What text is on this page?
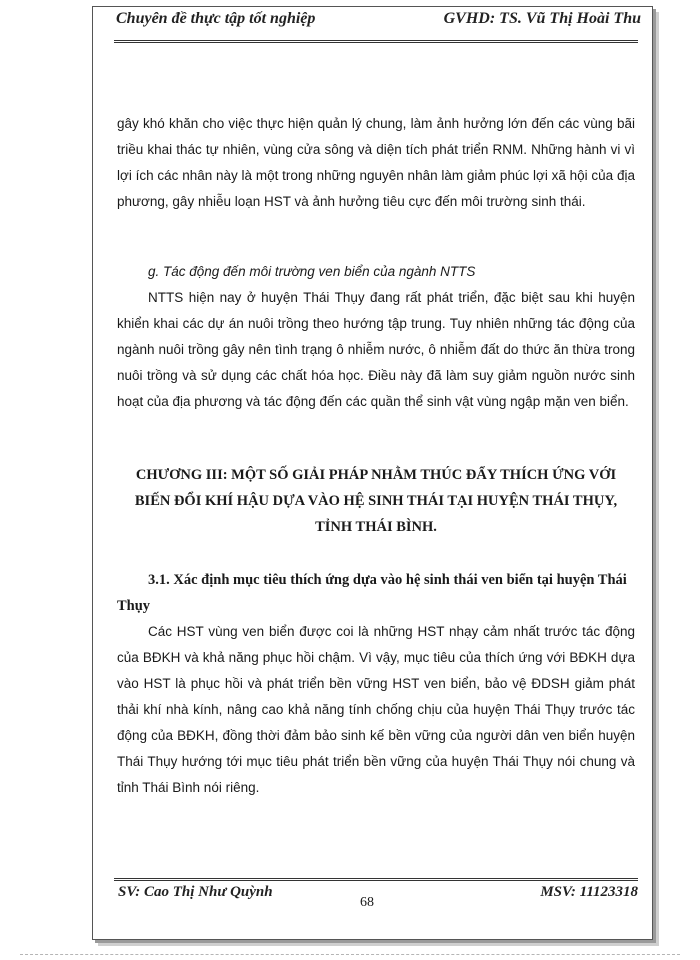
Chuyên đề thực tập tốt nghiệp	GVHD: TS. Vũ Thị Hoài Thu

gây khó khăn cho việc thực hiện quản lý chung, làm ảnh hưởng lớn đến các vùng bãi triều khai thác tự nhiên, vùng cửa sông và diện tích phát triển RNM. Những hành vi vì lợi ích các nhân này là một trong những nguyên nhân làm giảm phúc lợi xã hội của địa phương, gây nhiễu loạn HST và ảnh hưởng tiêu cực đến môi trường sinh thái.

g. Tác động đến môi trường ven biển của ngành NTTS

NTTS hiện nay ở huyện Thái Thụy đang rất phát triển, đặc biệt sau khi huyện khiển khai các dự án nuôi trồng theo hướng tập trung. Tuy nhiên những tác động của ngành nuôi trồng gây nên tình trạng ô nhiễm nước, ô nhiễm đất do thức ăn thừa trong nuôi trồng và sử dụng các chất hóa học. Điều này đã làm suy giảm nguồn nước sinh hoạt của địa phương và tác động đến các quần thể sinh vật vùng ngập mặn ven biển.

CHƯƠNG III: MỘT SỐ GIẢI PHÁP NHẰM THÚC ĐẨY THÍCH ỨNG VỚI
BIẾN ĐỔI KHÍ HẬU DỰA VÀO HỆ SINH THÁI TẠI HUYỆN THÁI THỤY,
TỈNH THÁI BÌNH.

3.1. Xác định mục tiêu thích ứng dựa vào hệ sinh thái ven biển tại huyện Thái Thụy

Các HST vùng ven biển được coi là những HST nhạy cảm nhất trước tác động của BĐKH và khả năng phục hồi chậm. Vì vậy, mục tiêu của thích ứng với BĐKH dựa vào HST là phục hồi và phát triển bền vững HST ven biển, bảo vệ ĐDSH giảm phát thải khí nhà kính, nâng cao khả năng tính chống chịu của huyện Thái Thụy trước tác động của BĐKH, đồng thời đảm bảo sinh kế bền vững của người dân ven biển huyện Thái Thụy hướng tới mục tiêu phát triển bền vững của huyện Thái Thụy nói chung và tỉnh Thái Bình nói riêng.

SV: Cao Thị Như Quỳnh	MSV: 11123318
68
